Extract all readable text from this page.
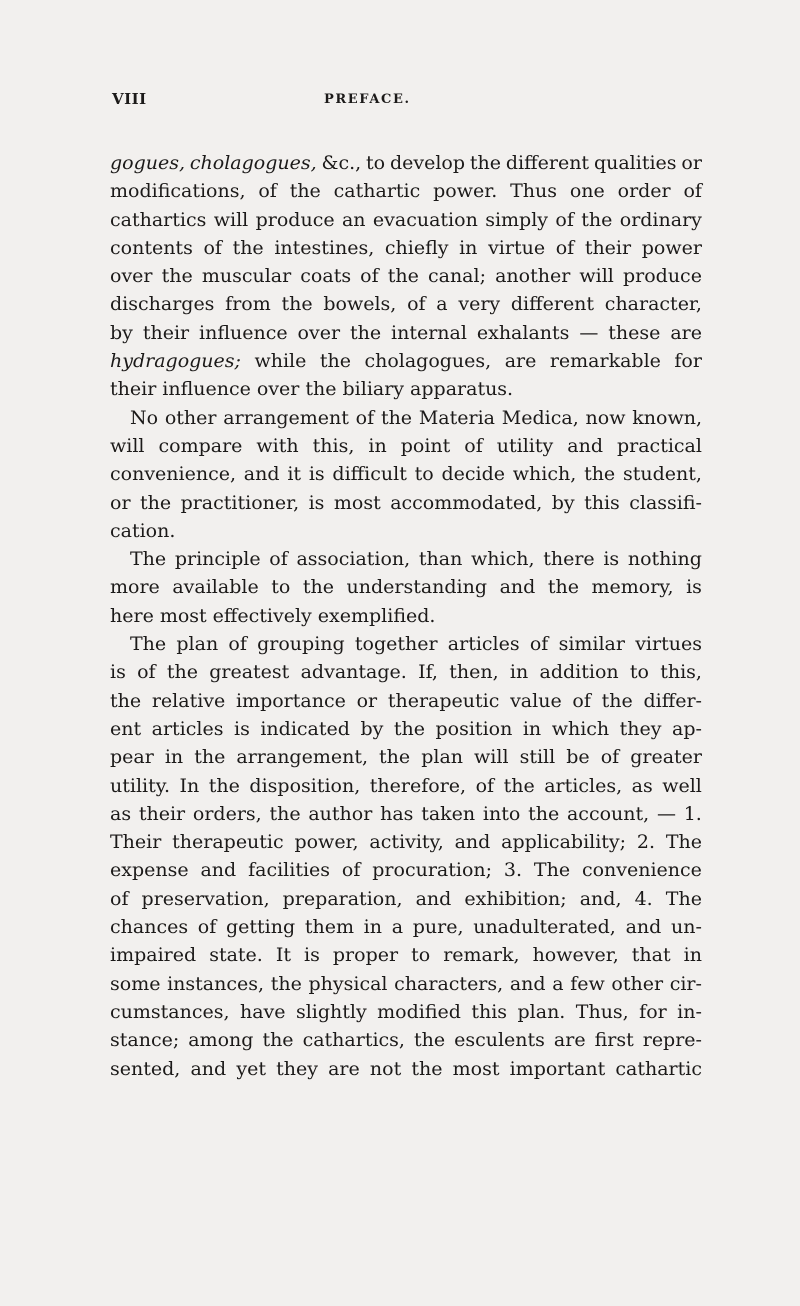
VIII	PREFACE.
gogues, cholagogues, &c., to develop the different qualities or
modifications, of the cathartic power. Thus one order of
cathartics will produce an evacuation simply of the ordinary
contents of the intestines, chiefly in virtue of their power
over the muscular coats of the canal; another will produce
discharges from the bowels, of a very different character,
by their influence over the internal exhalants — these are
hydragogues; while the cholagogues, are remarkable for
their influence over the biliary apparatus.
No other arrangement of the Materia Medica, now known,
will compare with this, in point of utility and practical
convenience, and it is difficult to decide which, the student,
or the practitioner, is most accommodated, by this classifi-
cation.
The principle of association, than which, there is nothing
more available to the understanding and the memory, is
here most effectively exemplified.
The plan of grouping together articles of similar virtues
is of the greatest advantage. If, then, in addition to this,
the relative importance or therapeutic value of the differ-
ent articles is indicated by the position in which they ap-
pear in the arrangement, the plan will still be of greater
utility. In the disposition, therefore, of the articles, as well
as their orders, the author has taken into the account, — 1.
Their therapeutic power, activity, and applicability; 2. The
expense and facilities of procuration; 3. The convenience
of preservation, preparation, and exhibition; and, 4. The
chances of getting them in a pure, unadulterated, and un-
impaired state. It is proper to remark, however, that in
some instances, the physical characters, and a few other cir-
cumstances, have slightly modified this plan. Thus, for in-
stance; among the cathartics, the esculents are first repre-
sented, and yet they are not the most important cathartic
